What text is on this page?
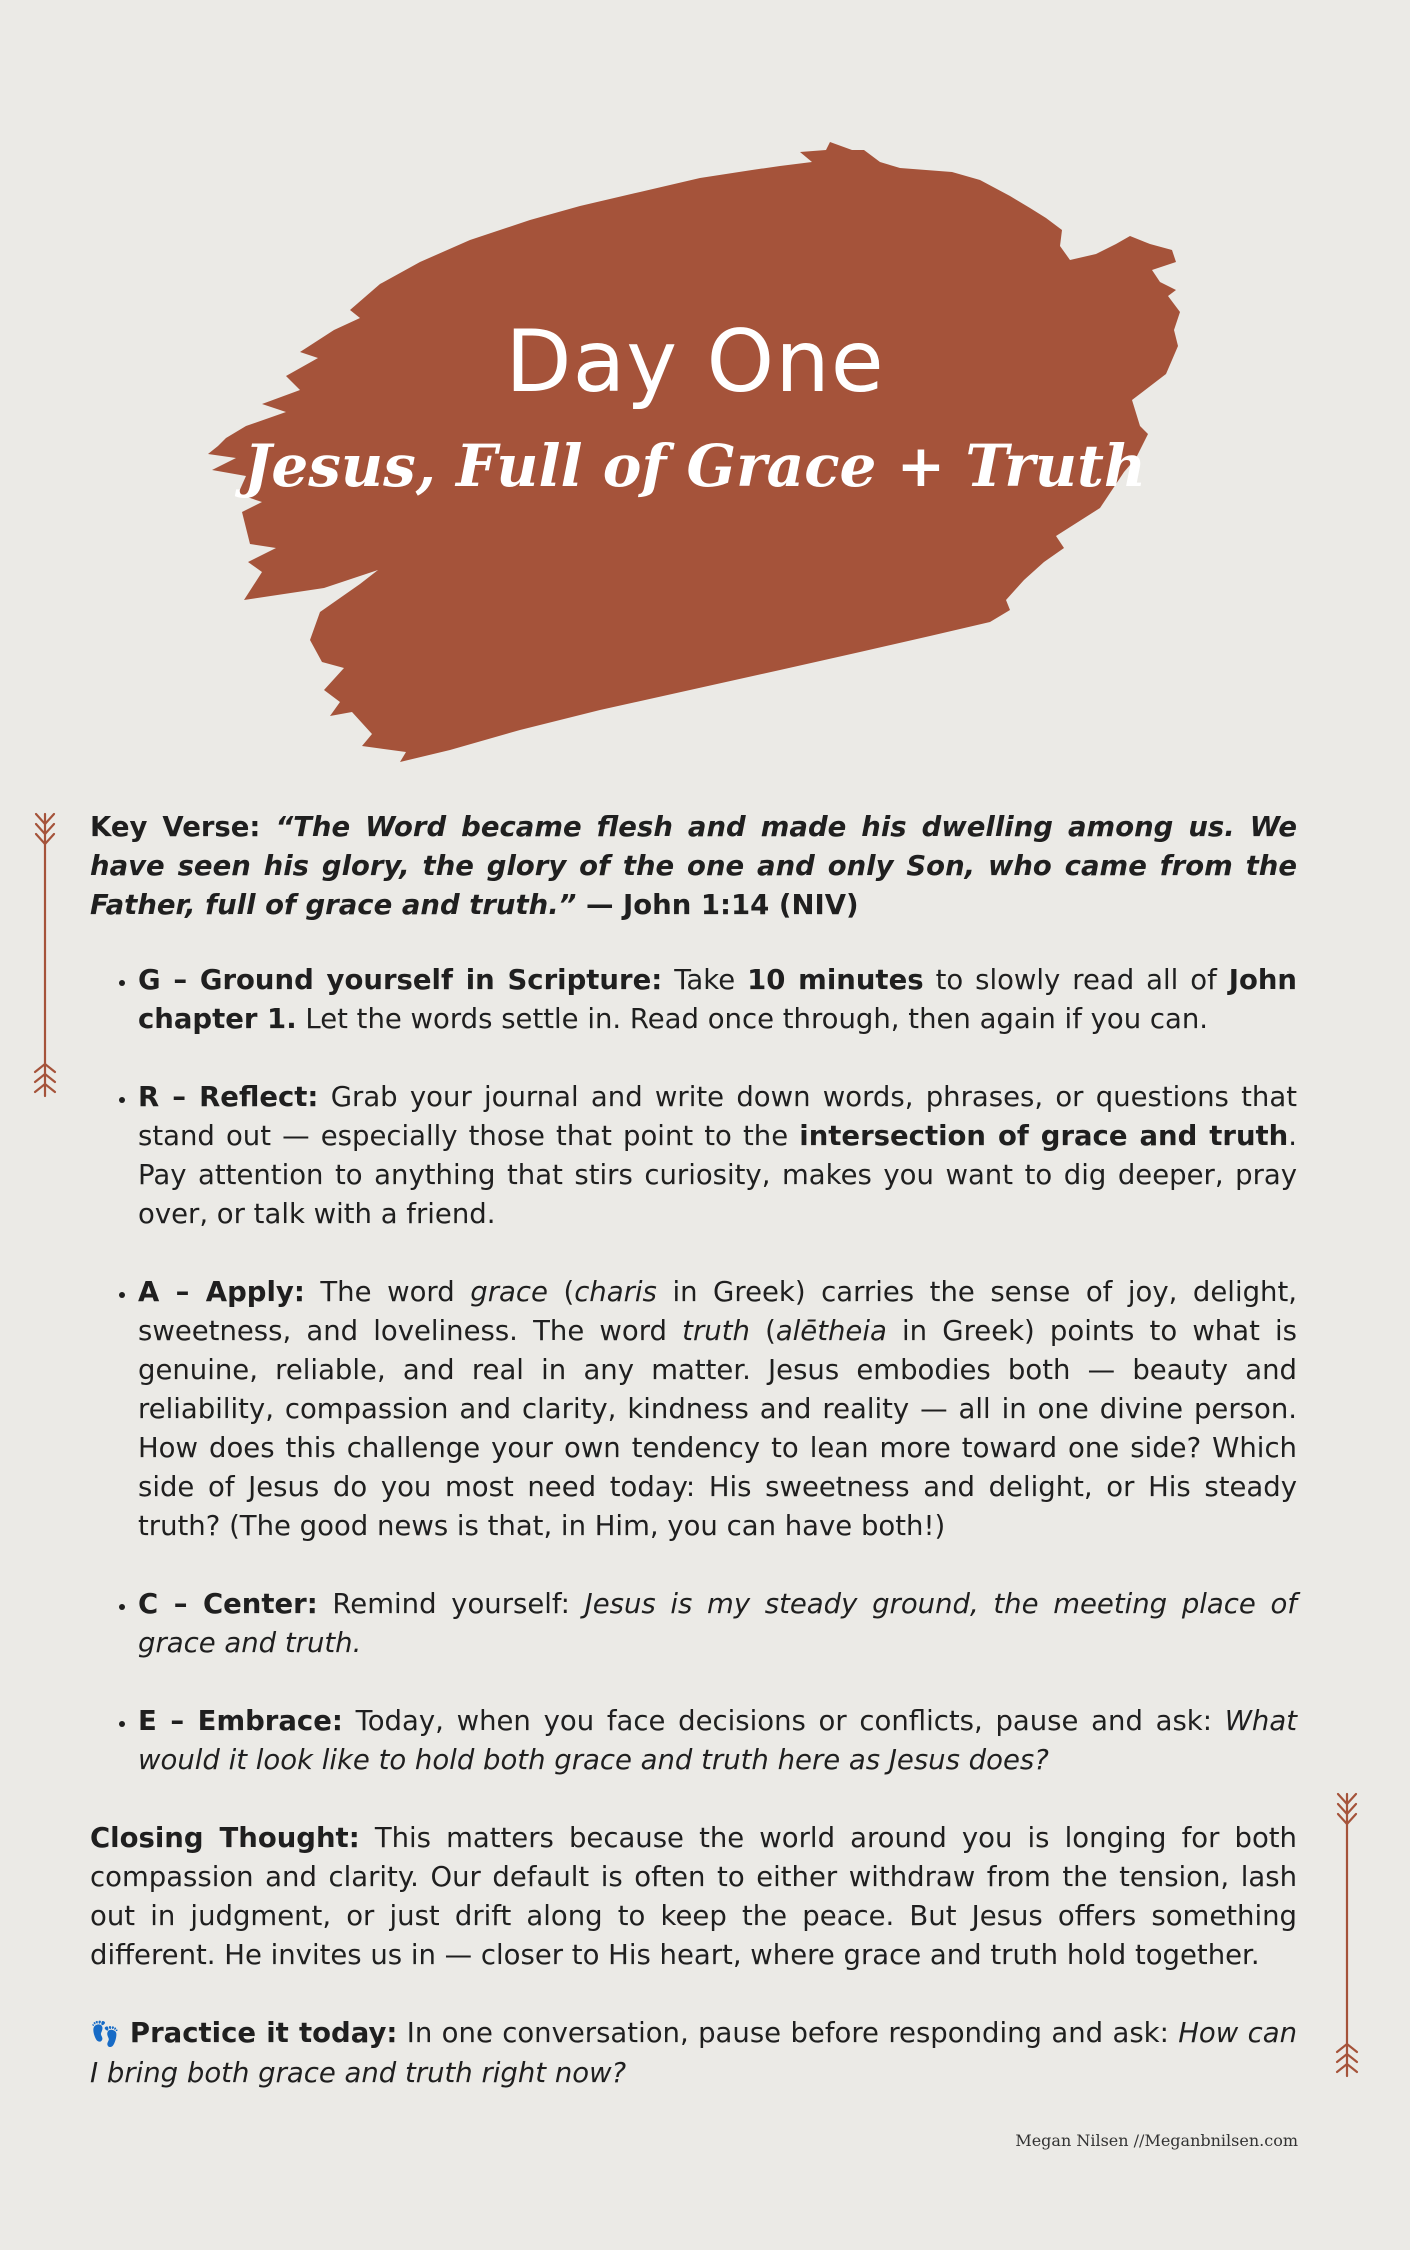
Day One
Jesus, Full of Grace + Truth

Key Verse: “The Word became flesh and made his dwelling among us. We have seen his glory, the glory of the one and only Son, who came from the Father, full of grace and truth.” — John 1:14 (NIV)

• G – Ground yourself in Scripture: Take 10 minutes to slowly read all of John chapter 1. Let the words settle in. Read once through, then again if you can.
• R – Reflect: Grab your journal and write down words, phrases, or questions that stand out — especially those that point to the intersection of grace and truth. Pay attention to anything that stirs curiosity, makes you want to dig deeper, pray over, or talk with a friend.
• A – Apply: The word grace (charis in Greek) carries the sense of joy, delight, sweetness, and loveliness. The word truth (alētheia in Greek) points to what is genuine, reliable, and real in any matter. Jesus embodies both — beauty and reliability, compassion and clarity, kindness and reality — all in one divine person. How does this challenge your own tendency to lean more toward one side? Which side of Jesus do you most need today: His sweetness and delight, or His steady truth? (The good news is that, in Him, you can have both!)
• C – Center: Remind yourself: Jesus is my steady ground, the meeting place of grace and truth.
• E – Embrace: Today, when you face decisions or conflicts, pause and ask: What would it look like to hold both grace and truth here as Jesus does?

Closing Thought: This matters because the world around you is longing for both compassion and clarity. Our default is often to either withdraw from the tension, lash out in judgment, or just drift along to keep the peace. But Jesus offers something different. He invites us in — closer to His heart, where grace and truth hold together.

👣 Practice it today: In one conversation, pause before responding and ask: How can I bring both grace and truth right now?

Megan Nilsen //Meganbnilsen.com
